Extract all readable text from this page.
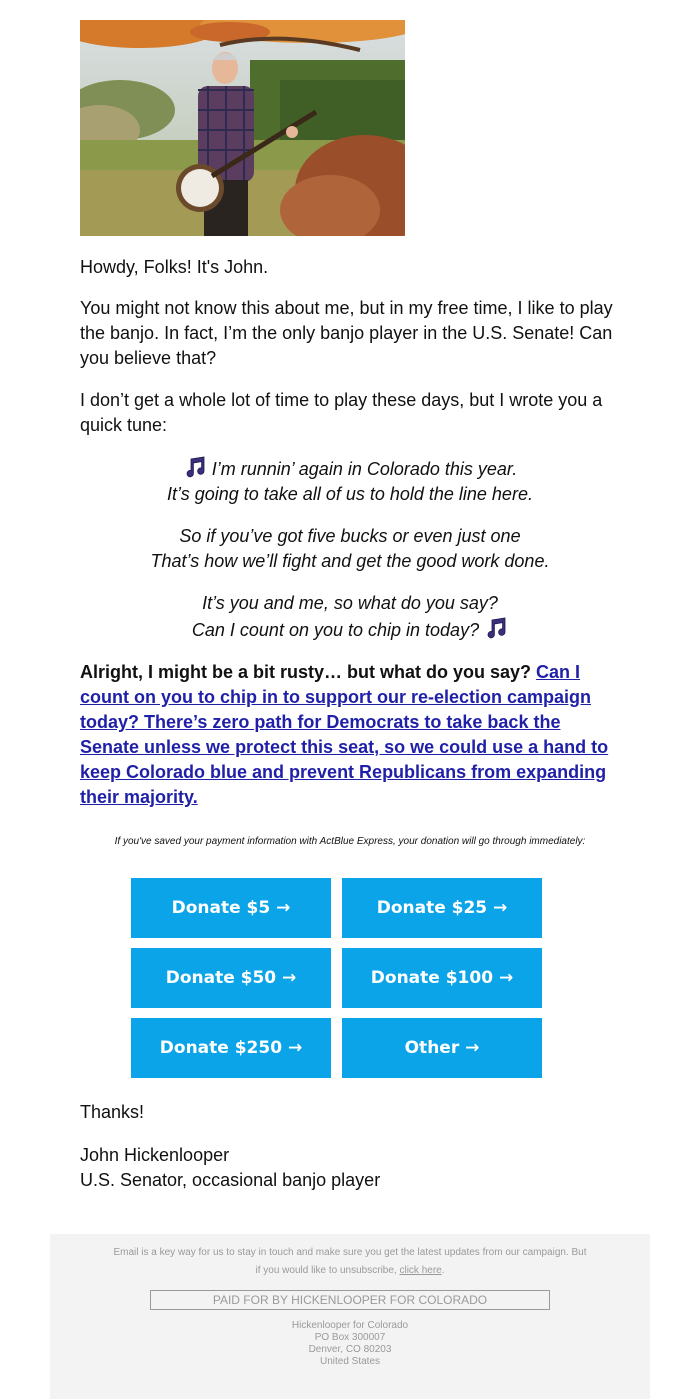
Howdy, Folks! It's John.

You might not know this about me, but in my free time, I like to play the banjo. In fact, I’m the only banjo player in the U.S. Senate! Can you believe that?

I don’t get a whole lot of time to play these days, but I wrote you a quick tune:

I’m runnin’ again in Colorado this year.
It’s going to take all of us to hold the line here.
So if you’ve got five bucks or even just one
That’s how we’ll fight and get the good work done.
It’s you and me, so what do you say?
Can I count on you to chip in today?

Alright, I might be a bit rusty… but what do you say? Can I count on you to chip in to support our re-election campaign today? There’s zero path for Democrats to take back the Senate unless we protect this seat, so we could use a hand to keep Colorado blue and prevent Republicans from expanding their majority.

If you've saved your payment information with ActBlue Express, your donation will go through immediately:
Donate $5 →	Donate $25 →
Donate $50 →	Donate $100 →
Donate $250 →	Other →
Thanks!
John Hickenlooper
U.S. Senator, occasional banjo player
Email is a key way for us to stay in touch and make sure you get the latest updates from our campaign. But if you would like to unsubscribe, click here.
PAID FOR BY HICKENLOOPER FOR COLORADO
Hickenlooper for Colorado
PO Box 300007
Denver, CO 80203
United States
